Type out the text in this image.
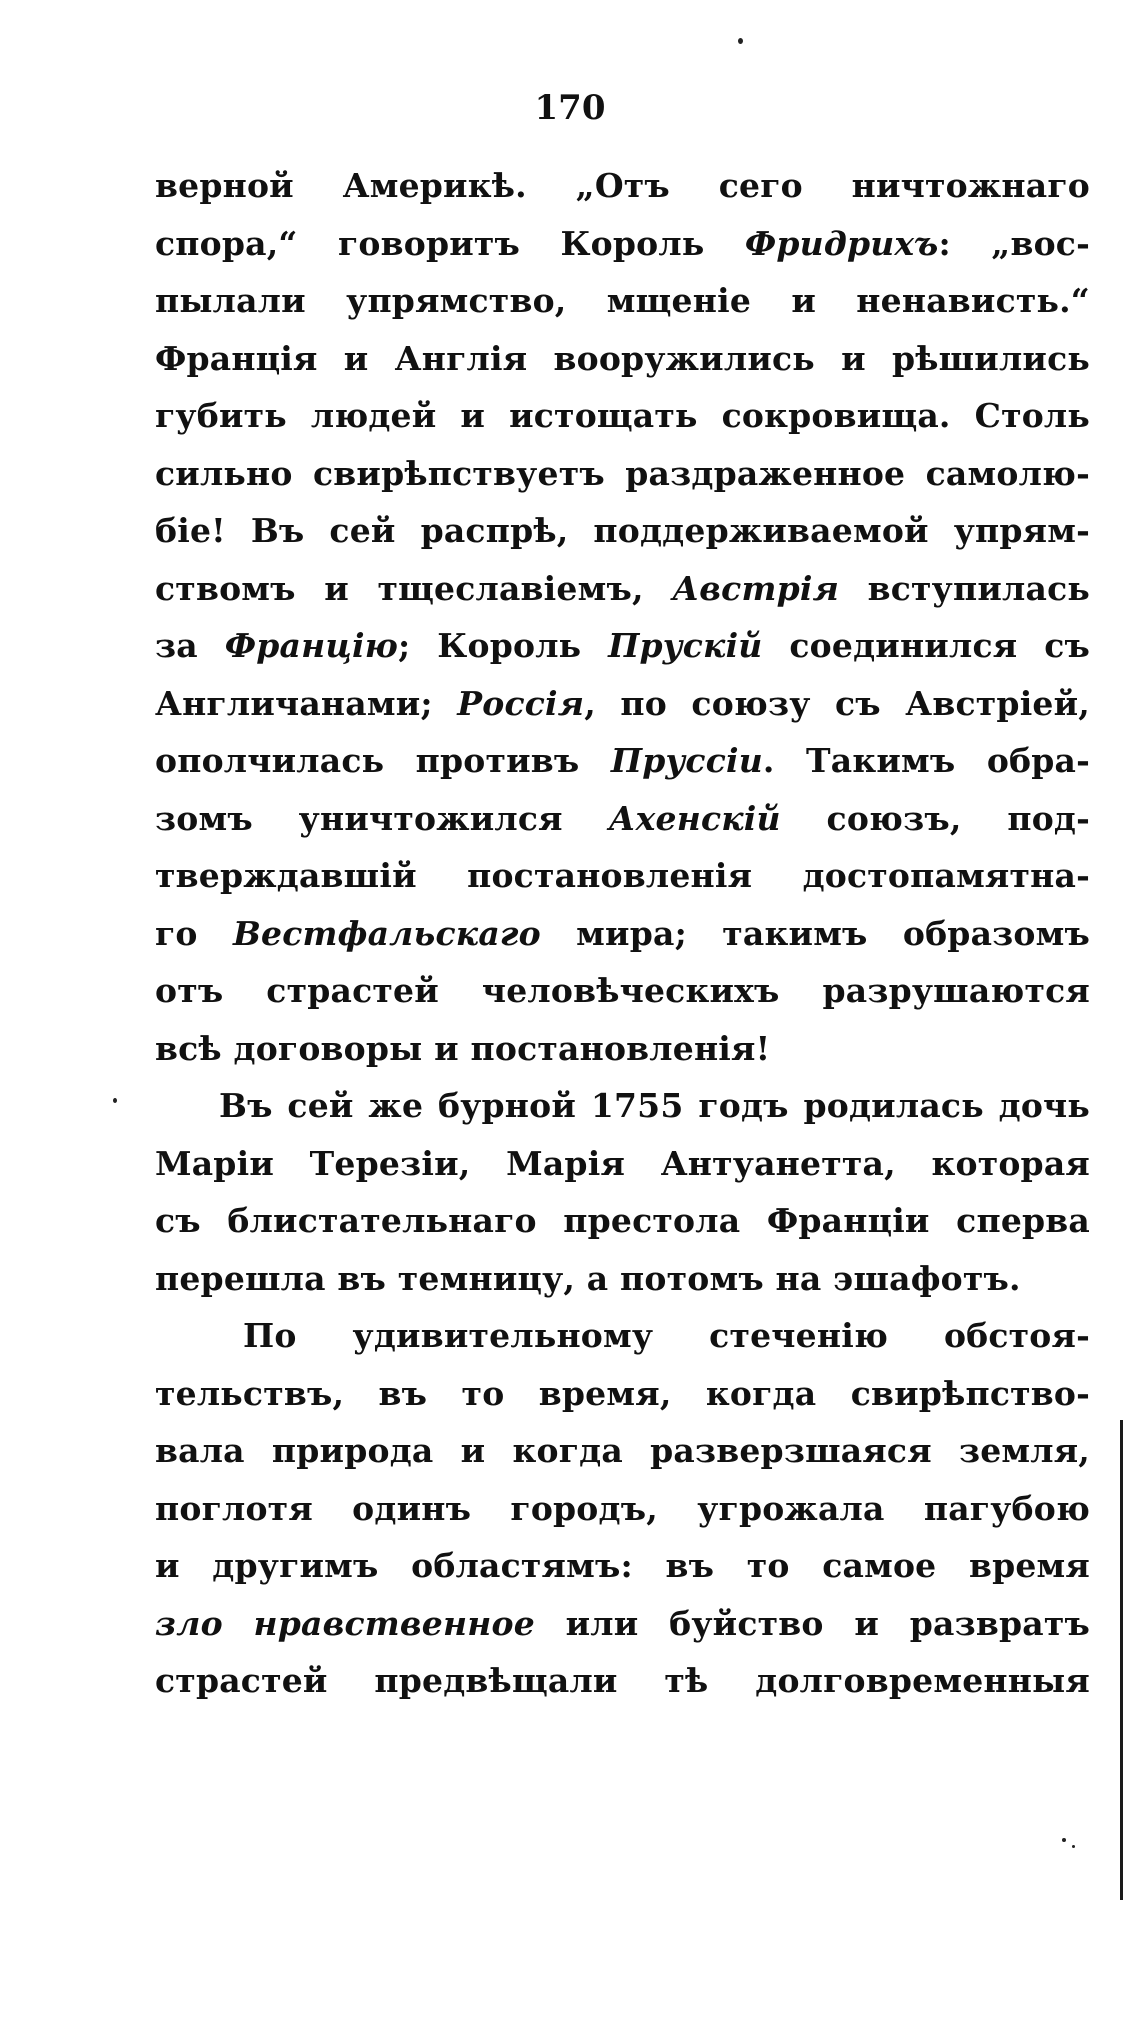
170
верной Америкѣ. „Отъ сего ничтожнаго
спора,“ говоритъ Король Фридрихъ: „вос-
пылали упрямство, мщеніе и ненависть.“
Франція и Англія вооружились и рѣшились
губить людей и истощать сокровища. Столь
сильно свирѣпствуетъ раздраженное самолю-
біе! Въ сей распрѣ, поддерживаемой упрям-
ствомъ и тщеславіемъ, Австрія вступилась
за Францію; Король Прускій соединился съ
Англичанами; Россія, по союзу съ Австріей,
ополчилась противъ Пруссіи. Такимъ обра-
зомъ уничтожился Ахенскій союзъ, под-
тверждавшій постановленія достопамятна-
го Вестфальскаго мира; такимъ образомъ
отъ страстей человѣческихъ разрушаются
всѣ договоры и постановленія!
Въ сей же бурной 1755 годъ родилась дочь
Маріи Терезіи, Марія Антуанетта, которая
съ блистательнаго престола Франціи сперва
перешла въ темницу, а потомъ на эшафотъ.
По удивительному стеченію обстоя-
тельствъ, въ то время, когда свирѣпство-
вала природа и когда разверзшаяся земля,
поглотя одинъ городъ, угрожала пагубою
и другимъ областямъ: въ то самое время
зло нравственное или буйство и развратъ
страстей предвѣщали тѣ долговременныя
